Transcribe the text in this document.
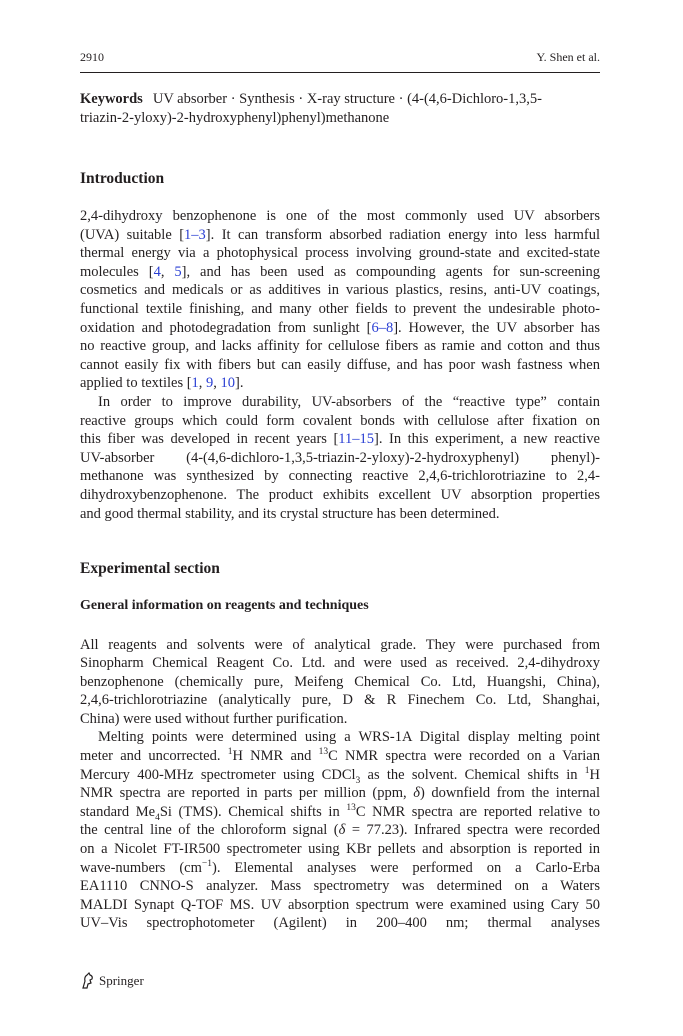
2910	Y. Shen et al.
Keywords UV absorber · Synthesis · X-ray structure · (4-(4,6-Dichloro-1,3,5-
triazin-2-yloxy)-2-hydroxyphenyl)phenyl)methanone
Introduction
2,4-dihydroxy benzophenone is one of the most commonly used UV absorbers
(UVA) suitable [1–3]. It can transform absorbed radiation energy into less harmful
thermal energy via a photophysical process involving ground-state and excited-state
molecules [4, 5], and has been used as compounding agents for sun-screening
cosmetics and medicals or as additives in various plastics, resins, anti-UV coatings,
functional textile finishing, and many other fields to prevent the undesirable photo-
oxidation and photodegradation from sunlight [6–8]. However, the UV absorber has
no reactive group, and lacks affinity for cellulose fibers as ramie and cotton and thus
cannot easily fix with fibers but can easily diffuse, and has poor wash fastness when
applied to textiles [1, 9, 10].
In order to improve durability, UV-absorbers of the “reactive type” contain
reactive groups which could form covalent bonds with cellulose after fixation on
this fiber was developed in recent years [11–15]. In this experiment, a new reactive
UV-absorber (4-(4,6-dichloro-1,3,5-triazin-2-yloxy)-2-hydroxyphenyl) phenyl)-
methanone was synthesized by connecting reactive 2,4,6-trichlorotriazine to 2,4-
dihydroxybenzophenone. The product exhibits excellent UV absorption properties
and good thermal stability, and its crystal structure has been determined.
Experimental section
General information on reagents and techniques
All reagents and solvents were of analytical grade. They were purchased from
Sinopharm Chemical Reagent Co. Ltd. and were used as received. 2,4-dihydroxy
benzophenone (chemically pure, Meifeng Chemical Co. Ltd, Huangshi, China),
2,4,6-trichlorotriazine (analytically pure, D & R Finechem Co. Ltd, Shanghai,
China) were used without further purification.
Melting points were determined using a WRS-1A Digital display melting point
meter and uncorrected. $^1$H NMR and $^{13}$C NMR spectra were recorded on a Varian
Mercury 400-MHz spectrometer using CDCl$_3$ as the solvent. Chemical shifts in $^1$H
NMR spectra are reported in parts per million (ppm, δ) downfield from the internal
standard $Me_4Si$ (TMS). Chemical shifts in $^{13}$C NMR spectra are reported relative to
the central line of the chloroform signal (δ = 77.23). Infrared spectra were recorded
on a Nicolet FT-IR500 spectrometer using KBr pellets and absorption is reported in
wave-numbers $(cm^{-1})$. Elemental analyses were performed on a Carlo-Erba
EA1110 CNNO-S analyzer. Mass spectrometry was determined on a Waters
MALDI Synapt Q-TOF MS. UV absorption spectrum were examined using Cary 50
UV–Vis spectrophotometer (Agilent) in 200–400 nm; thermal analyses
Springer
